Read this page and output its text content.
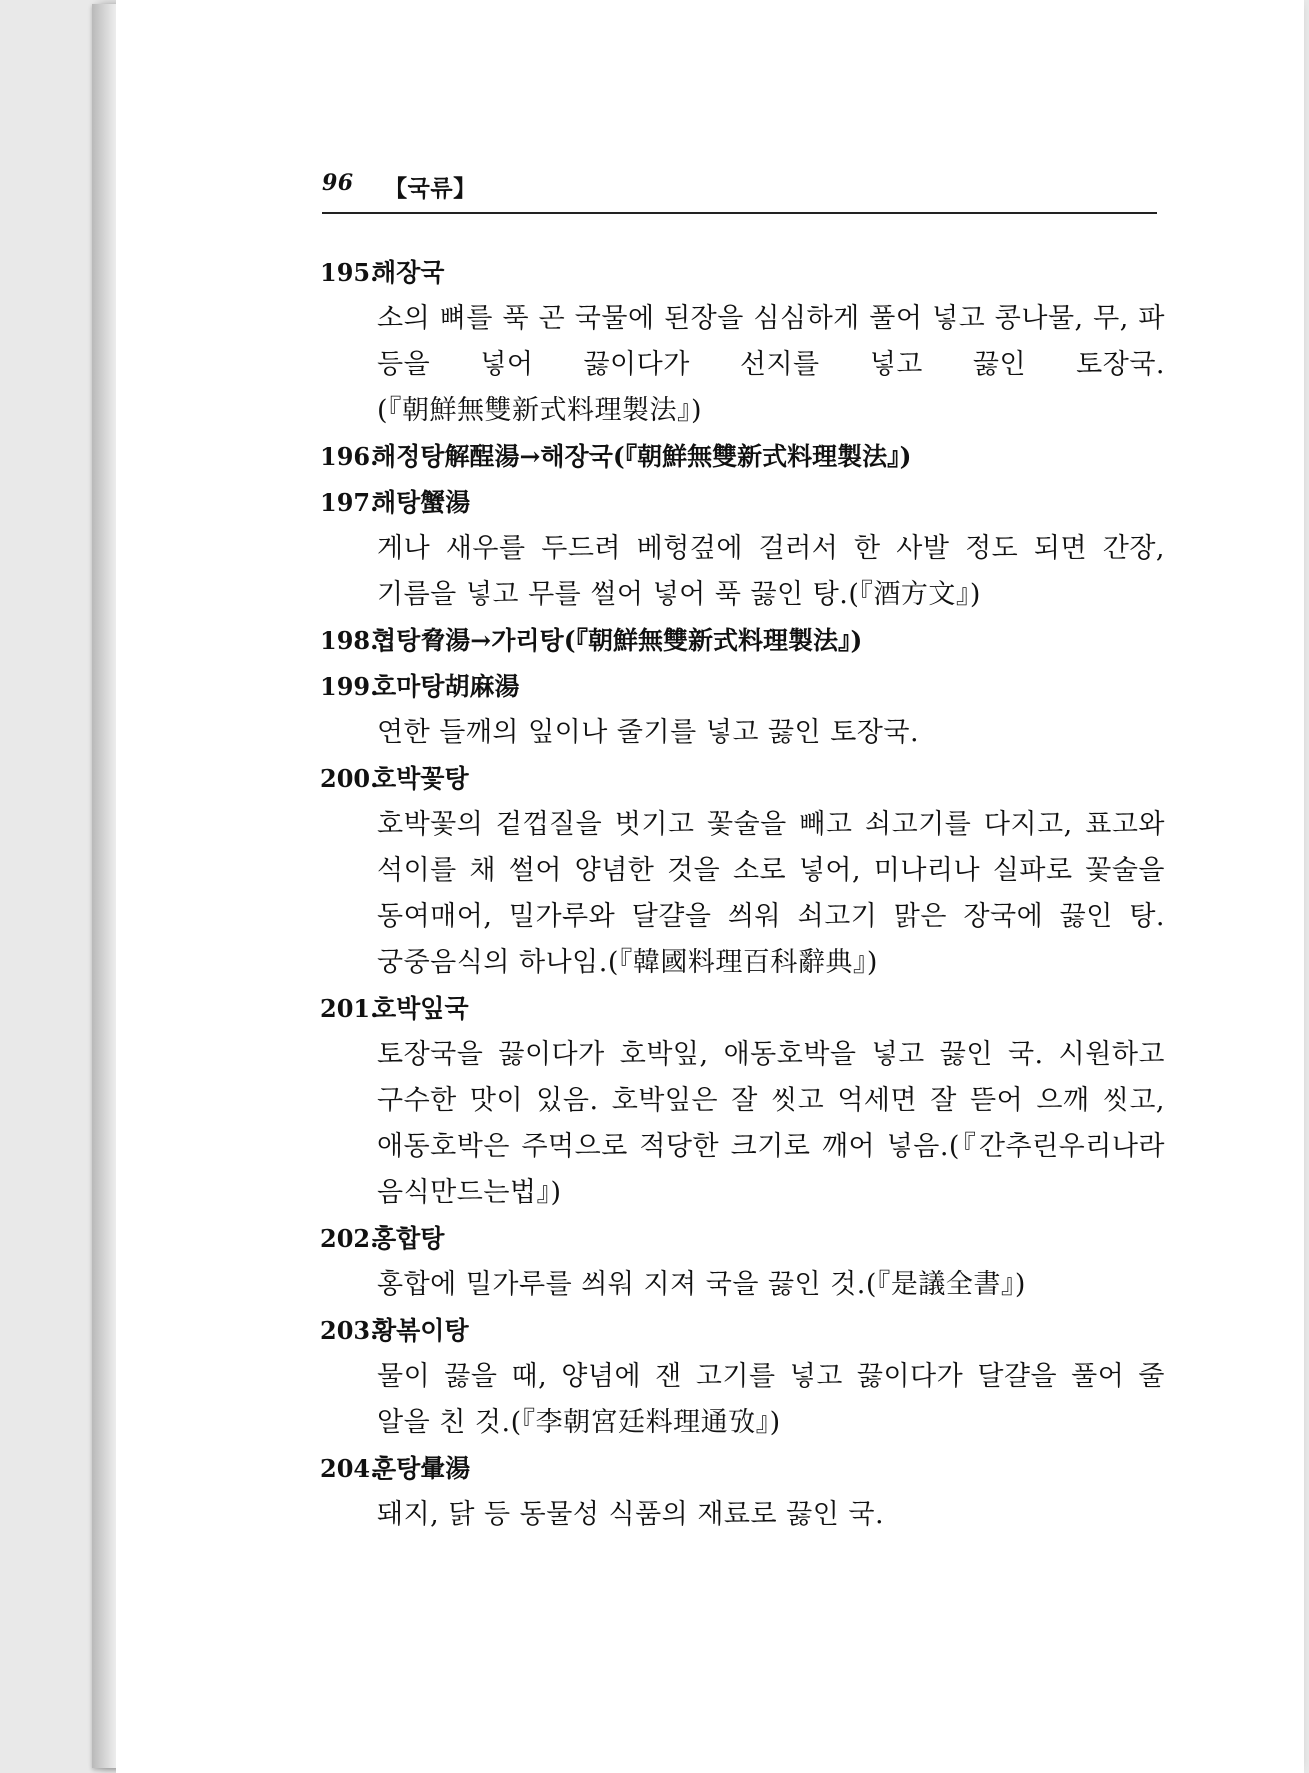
96 【국류】
195.해장국
소의 뼈를 푹 곤 국물에 된장을 심심하게 풀어 넣고 콩나물, 무, 파 등을 넣어 끓이다가 선지를 넣고 끓인 토장국.(『朝鮮無雙新式料理製法』)
196.해정탕解酲湯→해장국(『朝鮮無雙新式料理製法』)
197.해탕蟹湯
게나 새우를 두드려 베헝겊에 걸러서 한 사발 정도 되면 간장, 기름을 넣고 무를 썰어 넣어 푹 끓인 탕.(『酒方文』)
198.협탕脅湯→가리탕(『朝鮮無雙新式料理製法』)
199.호마탕胡麻湯
연한 들깨의 잎이나 줄기를 넣고 끓인 토장국.
200.호박꽃탕
호박꽃의 겉껍질을 벗기고 꽃술을 빼고 쇠고기를 다지고, 표고와 석이를 채 썰어 양념한 것을 소로 넣어, 미나리나 실파로 꽃술을 동여매어, 밀가루와 달걀을 씌워 쇠고기 맑은 장국에 끓인 탕. 궁중음식의 하나임.(『韓國料理百科辭典』)
201.호박잎국
토장국을 끓이다가 호박잎, 애동호박을 넣고 끓인 국. 시원하고 구수한 맛이 있음. 호박잎은 잘 씻고 억세면 잘 뜯어 으깨 씻고, 애동호박은 주먹으로 적당한 크기로 깨어 넣음.(『간추린우리나라 음식만드는법』)
202.홍합탕
홍합에 밀가루를 씌워 지져 국을 끓인 것.(『是議全書』)
203.황볶이탕
물이 끓을 때, 양념에 잰 고기를 넣고 끓이다가 달걀을 풀어 줄 알을 친 것.(『李朝宮廷料理通攷』)
204.훈탕暈湯
돼지, 닭 등 동물성 식품의 재료로 끓인 국.
